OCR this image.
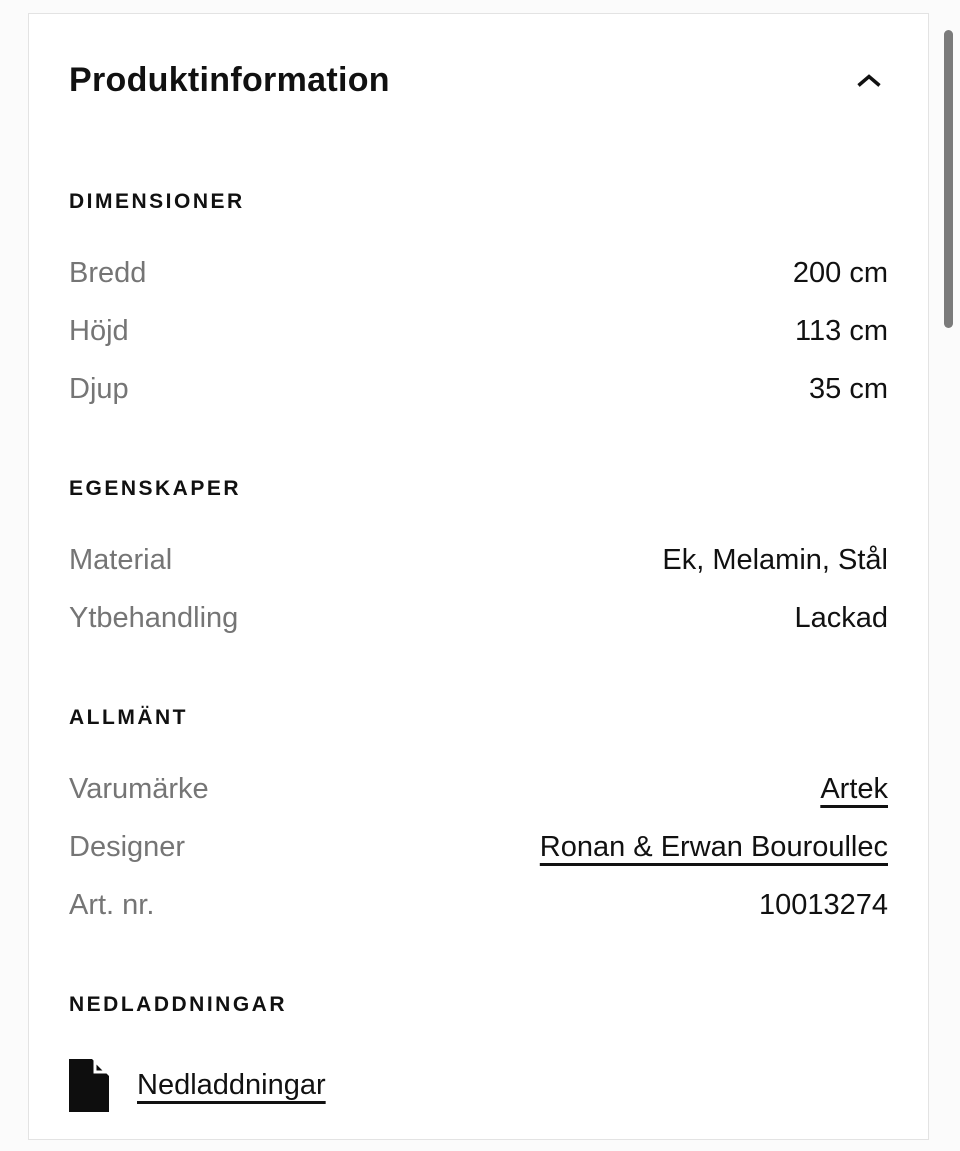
Produktinformation
DIMENSIONER
Bredd	200 cm
Höjd	113 cm
Djup	35 cm
EGENSKAPER
Material	Ek, Melamin, Stål
Ytbehandling	Lackad
ALLMÄNT
Varumärke	Artek
Designer	Ronan & Erwan Bouroullec
Art. nr.	10013274
NEDLADDNINGAR
Nedladdningar
